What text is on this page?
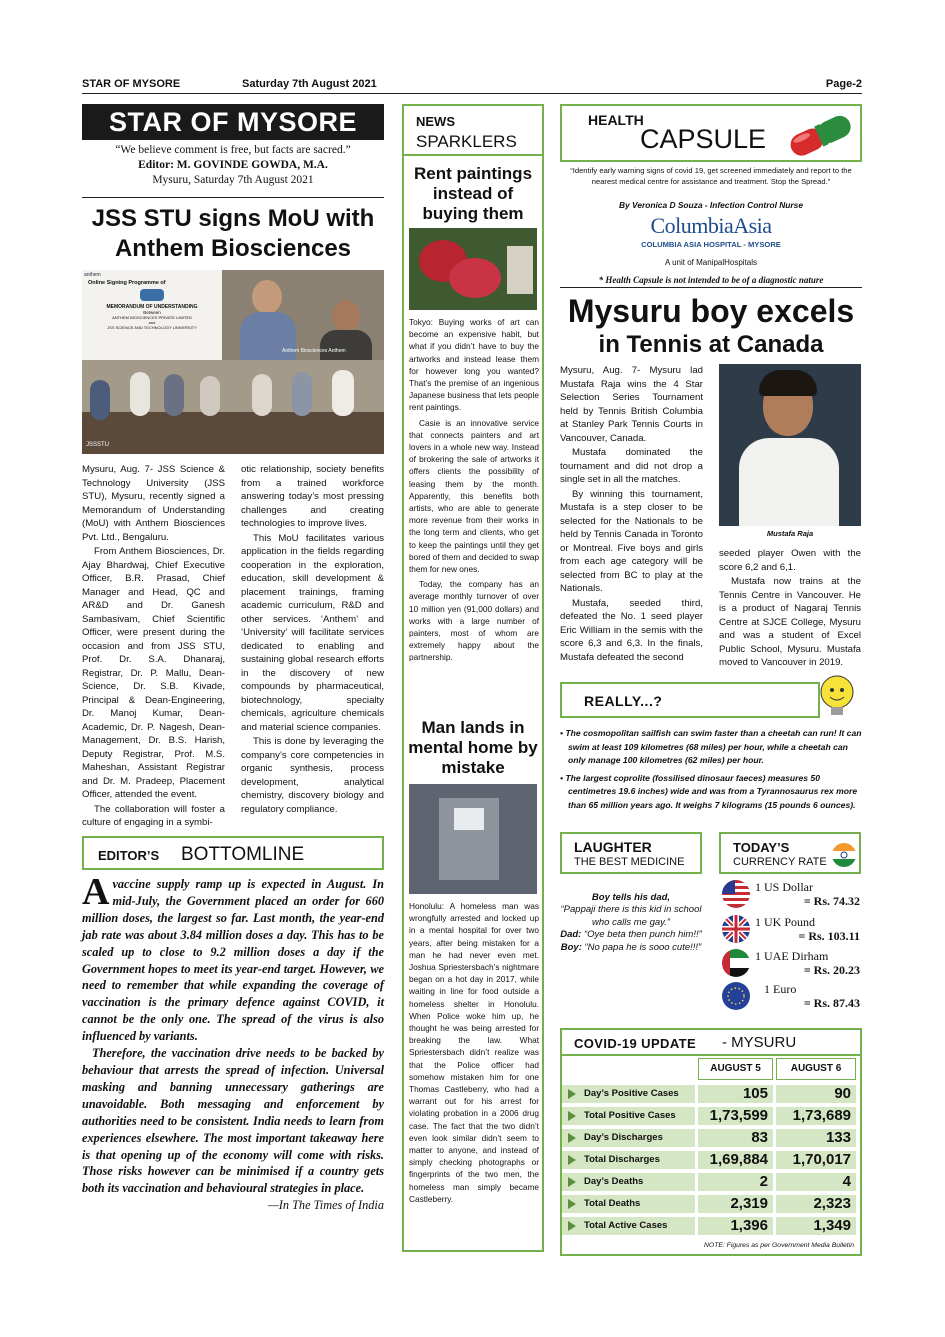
STAR OF MYSORE	Saturday 7th August 2021	Page-2
STAR OF MYSORE
“We believe comment is free, but facts are sacred.”
Editor: M. GOVINDE GOWDA, M.A.
Mysuru, Saturday 7th August 2021
JSS STU signs MoU with Anthem Biosciences
anthem
Online Signing Programme of
MEMORANDUM OF UNDERSTANDING
Between
ANTHEM BIOSCIENCES PRIVATE LIMITED
and
JSS SCIENCE AND TECHNOLOGY UNIVERSITY
Anthem Biosciences Anthem
JSSSTU

Mysuru, Aug. 7- JSS Science & Technology University (JSS STU), Mysuru, recently signed a Memorandum of Understanding (MoU) with Anthem Biosciences Pvt. Ltd., Bengaluru.

From Anthem Biosciences, Dr. Ajay Bhardwaj, Chief Executive Officer, B.R. Prasad, Chief Manager and Head, QC and AR&D and Dr. Ganesh Sambasivam, Chief Scientific Officer, were present during the occasion and from JSS STU, Prof. Dr. S.A. Dhanaraj, Registrar, Dr. P. Mallu, Dean-Science, Dr. S.B. Kivade, Principal & Dean-Engineering, Dr. Manoj Kumar, Dean-Academic, Dr. P. Nagesh, Dean-Management, Dr. B.S. Harish, Deputy Registrar, Prof. M.S. Maheshan, Assistant Registrar and Dr. M. Pradeep, Placement Officer, attended the event.

The collaboration will foster a culture of engaging in a symbi-

otic relationship, society benefits from a trained workforce answering today’s most pressing challenges and creating technologies to improve lives.

This MoU facilitates various application in the fields regarding cooperation in the exploration, education, skill development & placement trainings, framing academic curriculum, R&D and other services. ‘Anthem’ and ‘University’ will facilitate services dedicated to enabling and sustaining global research efforts in the discovery of new compounds by pharmaceutical, biotechnology, specialty chemicals, agriculture chemicals and material science companies.

This is done by leveraging the company’s core competencies in organic synthesis, process development, analytical chemistry, discovery biology and regulatory compliance.

EDITOR’S BOTTOMLINE

Avaccine supply ramp up is expected in August. In mid-July, the Government placed an order for 660 million doses, the largest so far. Last month, the year-end jab rate was about 3.84 million doses a day. This has to be scaled up to close to 9.2 million doses a day if the Government hopes to meet its year-end target. However, we need to remember that while expanding the coverage of vaccination is the primary defence against COVID, it cannot be the only one. The spread of the virus is also influenced by variants.

Therefore, the vaccination drive needs to be backed by behaviour that arrests the spread of infection. Universal masking and banning unnecessary gatherings are unavoidable. Both messaging and enforcement by authorities need to be consistent. India needs to learn from experiences elsewhere. The most important takeaway here is that opening up of the economy will come with risks. Those risks however can be minimised if a country gets both its vaccination and behavioural strategies in place.

—In The Times of India

NEWS
SPARKLERS
Rent paintings instead of buying them

Tokyo: Buying works of art can become an expensive habit, but what if you didn’t have to buy the artworks and instead lease them for however long you wanted? That’s the premise of an ingenious Japanese business that lets people rent paintings.

Casie is an innovative service that connects painters and art lovers in a whole new way. Instead of brokering the sale of artworks it offers clients the possibility of leasing them by the month. Apparently, this benefits both artists, who are able to generate more revenue from their works in the long term and clients, who get to keep the paintings until they get bored of them and decided to swap them for new ones.

Today, the company has an average monthly turnover of over 10 million yen (91,000 dollars) and works with a large number of painters, most of whom are extremely happy about the partnership.

Man lands in mental home by mistake

Honolulu: A homeless man was wrongfully arrested and locked up in a mental hospital for over two years, after being mistaken for a man he had never even met. Joshua Spriestersbach’s nightmare began on a hot day in 2017, while waiting in line for food outside a homeless shelter in Honolulu. When Police woke him up, he thought he was being arrested for breaking the law. What Spriestersbach didn’t realize was that the Police officer had somehow mistaken him for one Thomas Castleberry, who had a warrant out for his arrest for violating probation in a 2006 drug case. The fact that the two didn’t even look similar didn’t seem to matter to anyone, and instead of simply checking photographs or fingerprints of the two men, the homeless man simply became Castleberry.

HEALTH
CAPSULE
“Identify early warning signs of covid 19, get screened immediately and report to the nearest medical centre for assistance and treatment. Stop the Spread.”
By Veronica D Souza - Infection Control Nurse
ColumbiaAsia
COLUMBIA ASIA HOSPITAL - MYSORE
A unit of ManipalHospitals
* Health Capsule is not intended to be of a diagnostic nature
Mysuru boy excels
in Tennis at Canada
Mustafa Raja

Mysuru, Aug. 7- Mysuru lad Mustafa Raja wins the 4 Star Selection Series Tournament held by Tennis British Columbia at Stanley Park Tennis Courts in Vancouver, Canada.

Mustafa dominated the tournament and did not drop a single set in all the matches.

By winning this tournament, Mustafa is a step closer to be selected for the Nationals to be held by Tennis Canada in Toronto or Montreal. Five boys and girls from each age category will be selected from BC to play at the Nationals.

Mustafa, seeded third, defeated the No. 1 seed player Eric William in the semis with the score 6,3 and 6,3. In the finals, Mustafa defeated the second

seeded player Owen with the score 6,2 and 6,1.

Mustafa now trains at the Tennis Centre in Vancouver. He is a product of Nagaraj Tennis Centre at SJCE College, Mysuru and was a student of Excel Public School, Mysuru. Mustafa moved to Vancouver in 2019.

REALLY...?
• The cosmopolitan sailfish can swim faster than a cheetah can run! It can swim at least 109 kilometres (68 miles) per hour, while a cheetah can only manage 100 kilometres (62 miles) per hour.
• The largest coprolite (fossilised dinosaur faeces) measures 50 centimetres 19.6 inches) wide and was from a Tyrannosaurus rex more than 65 million years ago. It weighs 7 kilograms (15 pounds 6 ounces).
LAUGHTER
THE BEST MEDICINE
Boy tells his dad,
“Pappaji there is this kid in school who calls me gay.”
Dad: “Oye beta then punch him!!”
Boy: “No papa he is sooo cute!!!”
TODAY’S
CURRENCY RATE
1 US Dollar
= Rs. 74.32
1 UK Pound
= Rs. 103.11
1 UAE Dirham
= Rs. 20.23
1 Euro
= Rs. 87.43
COVID-19 UPDATE - MYSURU
AUGUST 5	AUGUST 6
Day’s Positive Cases	105	90
Total Positive Cases	1,73,599	1,73,689
Day’s Discharges	83	133
Total Discharges	1,69,884	1,70,017
Day’s Deaths	2	4
Total Deaths	2,319	2,323
Total Active Cases	1,396	1,349
NOTE: Figures as per Government Media Bulletin
